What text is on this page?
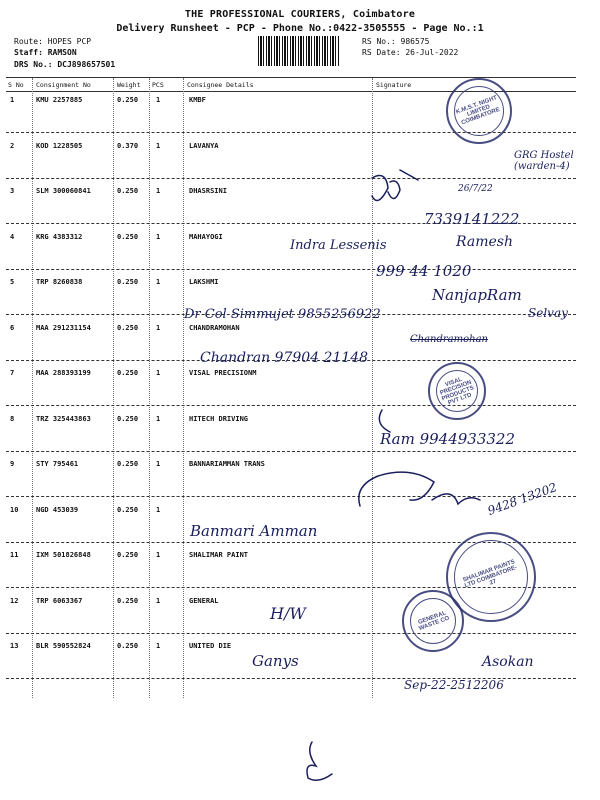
THE PROFESSIONAL COURIERS, Coimbatore
Delivery Runsheet - PCP - Phone No.:0422-3505555 - Page No.:1
Route: HOPES PCP
Staff: RAMSON
DRS No.: DCJ898657501
RS No.: 986575
RS Date: 26-Jul-2022
S No Consignment No	Weight PCS	Consignee Details	Signature
1	KMU 2257885	0.250	1	KMBF
2	KOD 1228505	0.370	1	LAVANYA
3	SLM 300060841	0.250	1	DHASRSINI
4	KRG 4383312	0.250	1	MAHAYOGI
5	TRP 8260838	0.250	1	LAKSHMI
6	MAA 291231154	0.250	1	CHANDRAMOHAN
7	MAA 288393199	0.250	1	VISAL PRECISIONM
8	TRZ 325443863	0.250	1	HITECH DRIVING
9	STY 795461	0.250	1	BANNARIAMMAN TRANS
10	NGD 453039	0.250	1
11	IXM 501826848	0.250	1	SHALIMAR PAINT
12	TRP 6063367	0.250	1	GENERAL
13	BLR 590552824	0.250	1	UNITED DIE
K.M.S.T. NIGHT LIMITED COIMBATORE
VISAL PRECISION PRODUCTS PVT LTD
SHALIMAR PAINTS LTD COIMBATORE-27
GENERAL WASTE CO
GRG Hostel (warden-4)
26/7/22
7339141222
Indra Lessenis	Ramesh
999 44 1020
NanjapRam
Selvay
Dr Col Simmujet 9855256922
Chandramohan
Chandran 97904 21148
Ram 9944933322
9428 13202
Banmari Amman
H/W
Ganys	Asokan
Sep-22-2512206
